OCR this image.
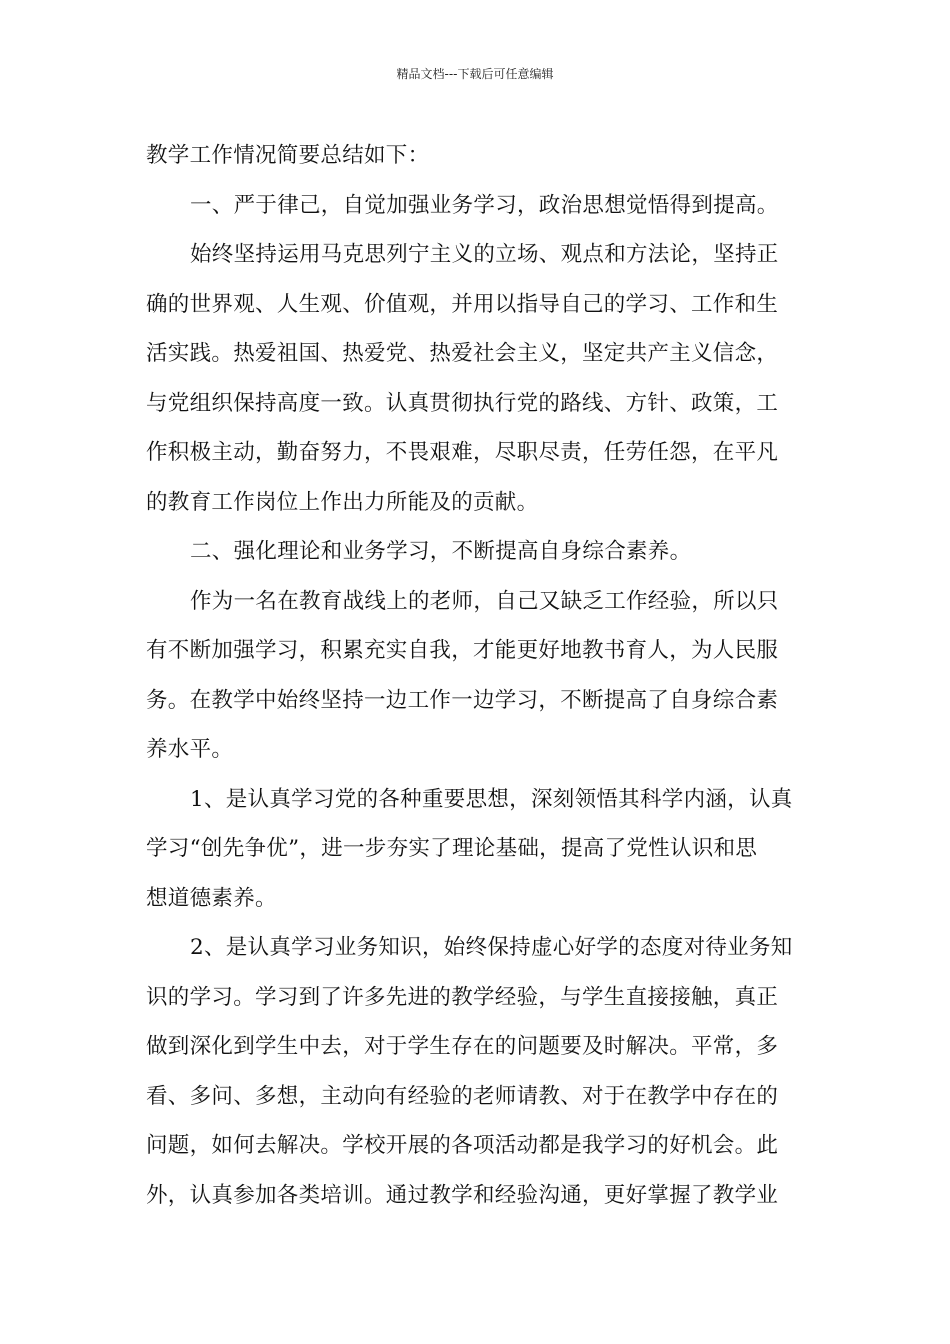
精品文档---下载后可任意编辑
教学工作情况简要总结如下：
一、严于律己，自觉加强业务学习，政治思想觉悟得到提高。
始终坚持运用马克思列宁主义的立场、观点和方法论，坚持正
确的世界观、人生观、价值观，并用以指导自己的学习、工作和生
活实践。热爱祖国、热爱党、热爱社会主义，坚定共产主义信念，
与党组织保持高度一致。认真贯彻执行党的路线、方针、政策，工
作积极主动，勤奋努力，不畏艰难，尽职尽责，任劳任怨，在平凡
的教育工作岗位上作出力所能及的贡献。
二、强化理论和业务学习，不断提高自身综合素养。
作为一名在教育战线上的老师，自己又缺乏工作经验，所以只
有不断加强学习，积累充实自我，才能更好地教书育人，为人民服
务。在教学中始终坚持一边工作一边学习，不断提高了自身综合素
养水平。
1、是认真学习党的各种重要思想，深刻领悟其科学内涵，认真
学习“创先争优”，进一步夯实了理论基础，提高了党性认识和思
想道德素养。
2、是认真学习业务知识，始终保持虚心好学的态度对待业务知
识的学习。学习到了许多先进的教学经验，与学生直接接触，真正
做到深化到学生中去，对于学生存在的问题要及时解决。平常，多
看、多问、多想，主动向有经验的老师请教、对于在教学中存在的
问题，如何去解决。学校开展的各项活动都是我学习的好机会。此
外，认真参加各类培训。通过教学和经验沟通，更好掌握了教学业
